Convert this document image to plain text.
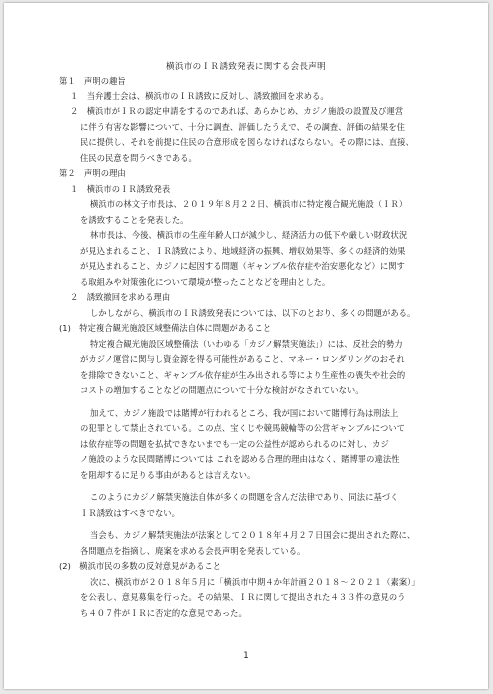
横浜市のＩＲ誘致発表に関する会長声明
第１　声明の趣旨
１　当弁護士会は、横浜市のＩＲ誘致に反対し、誘致撤回を求める。
２　横浜市がＩＲの認定申請をするのであれば、あらかじめ、カジノ施設の設置及び運営
に伴う有害な影響について、十分に調査、評価したうえで、その調査、評価の結果を住
民に提供し、それを前提に住民の合意形成を図らなければならない。その際には、直接、
住民の民意を問うべきである。
第２　声明の理由
１　横浜市のＩＲ誘致発表
横浜市の林文子市長は、２０１９年８月２２日、横浜市に特定複合観光施設（ＩＲ）
を誘致することを発表した。
林市長は、今後、横浜市の生産年齢人口が減少し、経済活力の低下や厳しい財政状況
が見込まれること、ＩＲ誘致により、地域経済の振興、増収効果等、多くの経済的効果
が見込まれること、カジノに起因する問題（ギャンブル依存症や治安悪化など）に関す
る取組みや対策強化について環境が整ったことなどを理由とした。
２　誘致撤回を求める理由
しかしながら、横浜市のＩＲ誘致発表については、以下のとおり、多くの問題がある。
(1)　特定複合観光施設区域整備法自体に問題があること
特定複合観光施設区域整備法（いわゆる「カジノ解禁実施法」）には、反社会的勢力
がカジノ運営に関与し資金源を得る可能性があること、マネー・ロンダリングのおそれ
を排除できないこと、ギャンブル依存症が生み出される等により生産性の喪失や社会的
コストの増加することなどの問題点について十分な検討がなされていない。
加えて、カジノ施設では賭博が行われるところ、我が国において賭博行為は刑法上
の犯罪として禁止されている。この点、宝くじや競馬競輪等の公営ギャンブルについて
は依存症等の問題を払拭できないまでも一定の公益性が認められるのに対し、カジ
ノ施設のような民間賭博については これを認める合理的理由はなく、賭博罪の違法性
を阻却するに足りる事由があるとは言えない。
このようにカジノ解禁実施法自体が多くの問題を含んだ法律であり、同法に基づく
ＩＲ誘致はすべきでない。
当会も、カジノ解禁実施法が法案として２０１８年４月２７日国会に提出された際に、
各問題点を指摘し、廃案を求める会長声明を発表している。
(2)　横浜市民の多数の反対意見があること
次に、横浜市が２０１８年５月に「横浜市中期４か年計画２０１８～２０２１（素案）」
を公表し、意見募集を行った。その結果、ＩＲに関して提出された４３３件の意見のう
ち４０７件がＩＲに否定的な意見であった。
1
